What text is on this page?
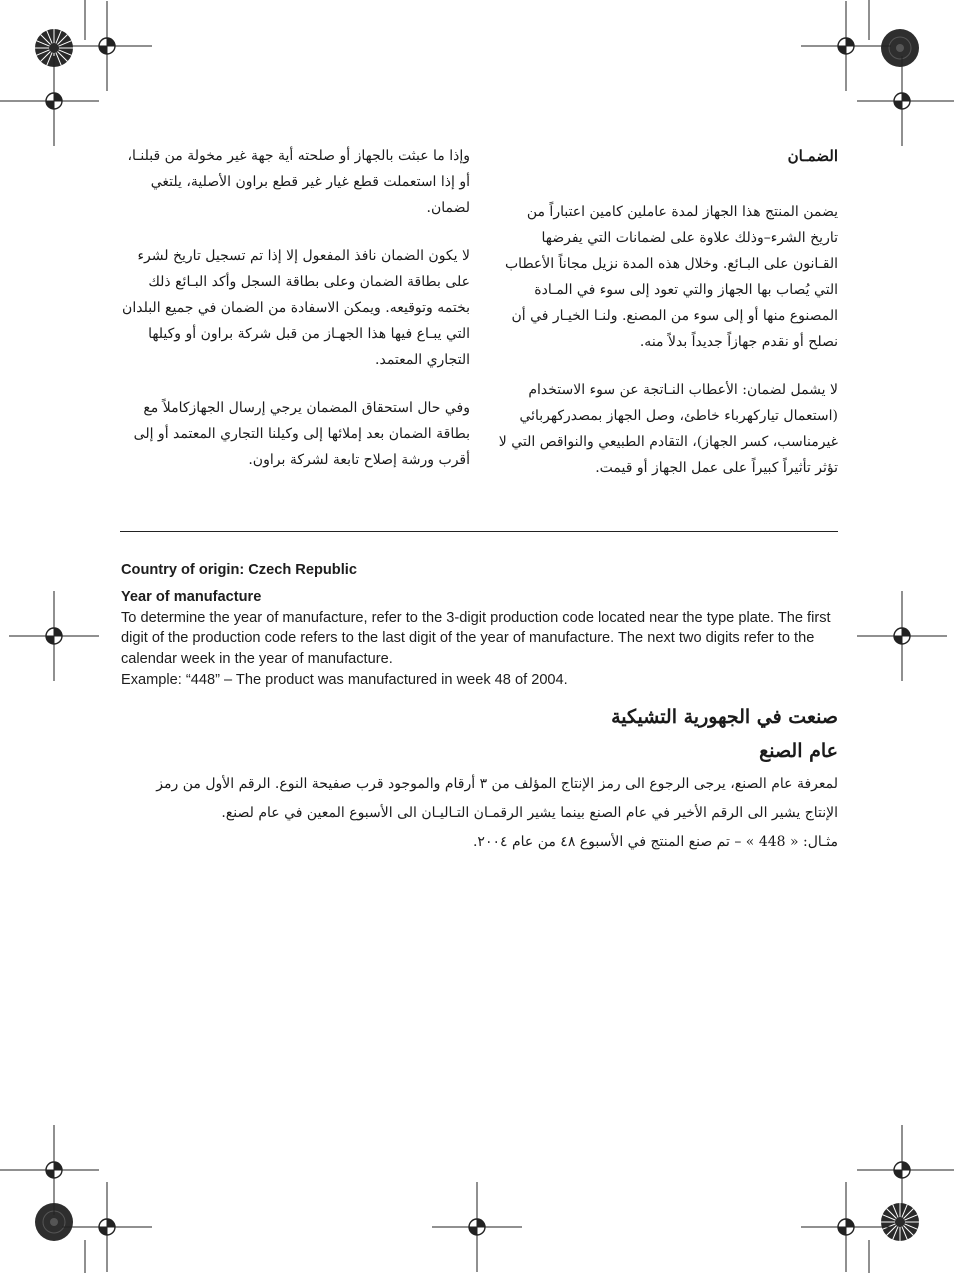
الضمـان

يضمن المنتج هذا الجهاز لمدة عاملين كامين اعتباراً من تاريخ الشرء–وذلك علاوة على لضمانات التي يفرضها القـانون على البـائع. وخلال هذه المدة نزيل مجاناً الأعطاب التي يُصاب بها الجهاز والتي تعود إلى سوء في المـادة المصنوع منها أو إلى سوء من المصنع. ولنـا الخيـار في أن نصلح أو نقدم جهازاً جديداً بدلاً منه.

لا يشمل لضمان: الأعطاب النـاتجة عن سوء الاستخدام (استعمال تياركهرباء خاطئ، وصل الجهاز بمصدركهربائي غيرمناسب، كسر الجهاز)، التقادم الطبيعي والنواقص التي لا تؤثر تأثيراً كبيراً على عمل الجهاز أو قيمت.

وإذا ما عبثت بالجهاز أو صلحته أية جهة غير مخولة من قبلنـا، أو إذا استعملت قطع غيار غير قطع براون الأصلية، يلتغي لضمان.

لا يكون الضمان نافذ المفعول إلا إذا تم تسجيل تاريخ لشرء على بطاقة الضمان وعلى بطاقة السجل وأكد البـائع ذلك بختمه وتوقيعه. ويمكن الاسفادة من الضمان في جميع البلدان التي يبـاع فيها هذا الجهـاز من قبل شركة براون أو وكيلها التجاري المعتمد.

وفي حال استحقاق المضمان يرجي إرسال الجهازكاملاً مع بطاقة الضمان بعد إملائها إلى وكيلنا التجاري المعتمد أو إلى أقرب ورشة إصلاح تابعة لشركة براون.

Country of origin: Czech Republic

Year of manufacture

To determine the year of manufacture, refer to the 3-digit production code located near the type plate. The first digit of the production code refers to the last digit of the year of manufacture. The next two digits refer to the calendar week in the year of manufacture.

Example: “448” – The product was manufactured in week 48 of 2004.

صنعت في الجهورية التشيكية

عام الصنع

لمعرفة عام الصنع، يرجى الرجوع الى رمز الإنتاج المؤلف من ٣ أرقام والموجود قرب صفيحة النوع. الرقم الأول من رمز الإنتاج يشير الى الرقم الأخير في عام الصنع بينما يشير الرقمـان التـاليـان الى الأسبوع المعين في عام لصنع.

مثـال: « 448 » – تم صنع المنتج في الأسبوع ٤٨ من عام ٢٠٠٤.
